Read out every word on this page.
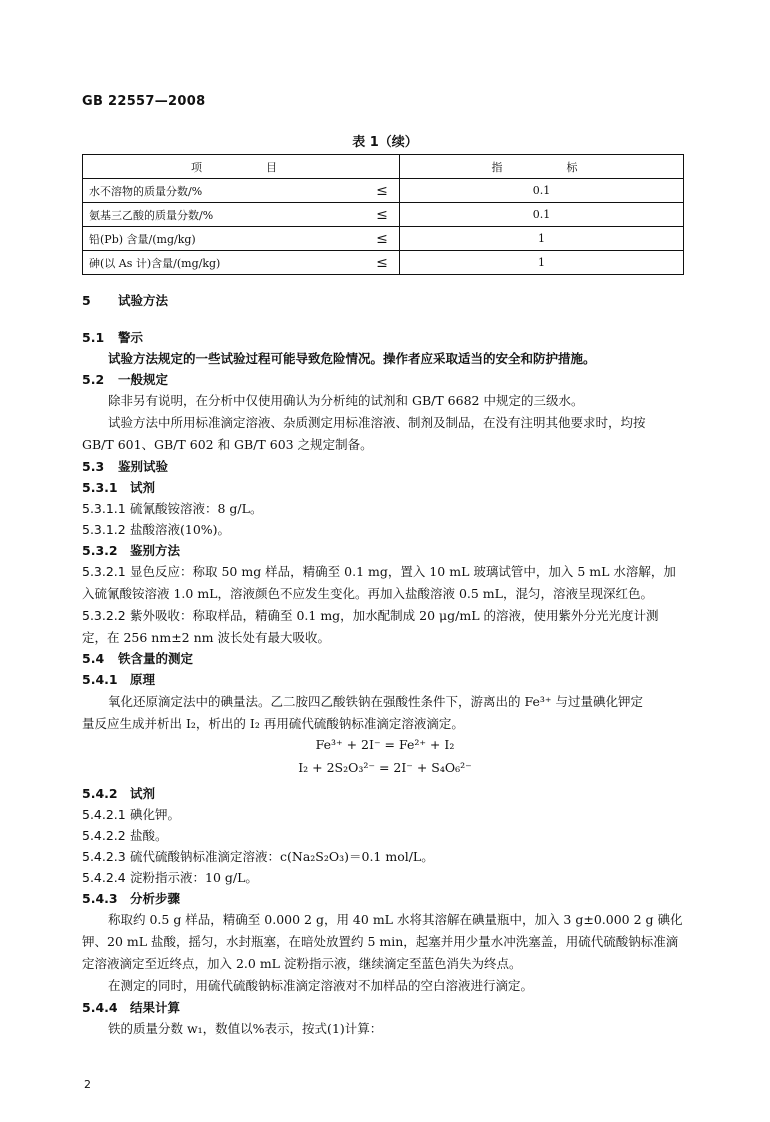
GB 22557—2008
表 1（续）
项　　目		指　　标
水不溶物的质量分数/%	≤	0.1
氨基三乙酸的质量分数/%	≤	0.1
铅(Pb) 含量/(mg/kg)	≤	1
砷(以 As 计)含量/(mg/kg)	≤	1
5 试验方法
5.1 警示
试验方法规定的一些试验过程可能导致危险情况。操作者应采取适当的安全和防护措施。
5.2 一般规定
除非另有说明，在分析中仅使用确认为分析纯的试剂和 GB/T 6682 中规定的三级水。
试验方法中所用标准滴定溶液、杂质测定用标准溶液、制剂及制品，在没有注明其他要求时，均按
GB/T 601、GB/T 602 和 GB/T 603 之规定制备。
5.3 鉴别试验
5.3.1 试剂
5.3.1.1 硫氰酸铵溶液：8 g/L。
5.3.1.2 盐酸溶液(10%)。
5.3.2 鉴别方法
5.3.2.1 显色反应：称取 50 mg 样品，精确至 0.1 mg，置入 10 mL 玻璃试管中，加入 5 mL 水溶解，加
入硫氰酸铵溶液 1.0 mL，溶液颜色不应发生变化。再加入盐酸溶液 0.5 mL，混匀，溶液呈现深红色。
5.3.2.2 紫外吸收：称取样品，精确至 0.1 mg，加水配制成 20 μg/mL 的溶液，使用紫外分光光度计测
定，在 256 nm±2 nm 波长处有最大吸收。
5.4 铁含量的测定
5.4.1 原理
氧化还原滴定法中的碘量法。乙二胺四乙酸铁钠在强酸性条件下，游离出的 Fe³⁺ 与过量碘化钾定
量反应生成并析出 I₂，析出的 I₂ 再用硫代硫酸钠标准滴定溶液滴定。
Fe³⁺ + 2I⁻ = Fe²⁺ + I₂
I₂ + 2S₂O₃²⁻ = 2I⁻ + S₄O₆²⁻
5.4.2 试剂
5.4.2.1 碘化钾。
5.4.2.2 盐酸。
5.4.2.3 硫代硫酸钠标准滴定溶液：c(Na₂S₂O₃)＝0.1 mol/L。
5.4.2.4 淀粉指示液：10 g/L。
5.4.3 分析步骤
称取约 0.5 g 样品，精确至 0.000 2 g，用 40 mL 水将其溶解在碘量瓶中，加入 3 g±0.000 2 g 碘化
钾、20 mL 盐酸，摇匀，水封瓶塞，在暗处放置约 5 min，起塞并用少量水冲洗塞盖，用硫代硫酸钠标准滴
定溶液滴定至近终点，加入 2.0 mL 淀粉指示液，继续滴定至蓝色消失为终点。
在测定的同时，用硫代硫酸钠标准滴定溶液对不加样品的空白溶液进行滴定。
5.4.4 结果计算
铁的质量分数 w₁，数值以%表示，按式(1)计算：
2
